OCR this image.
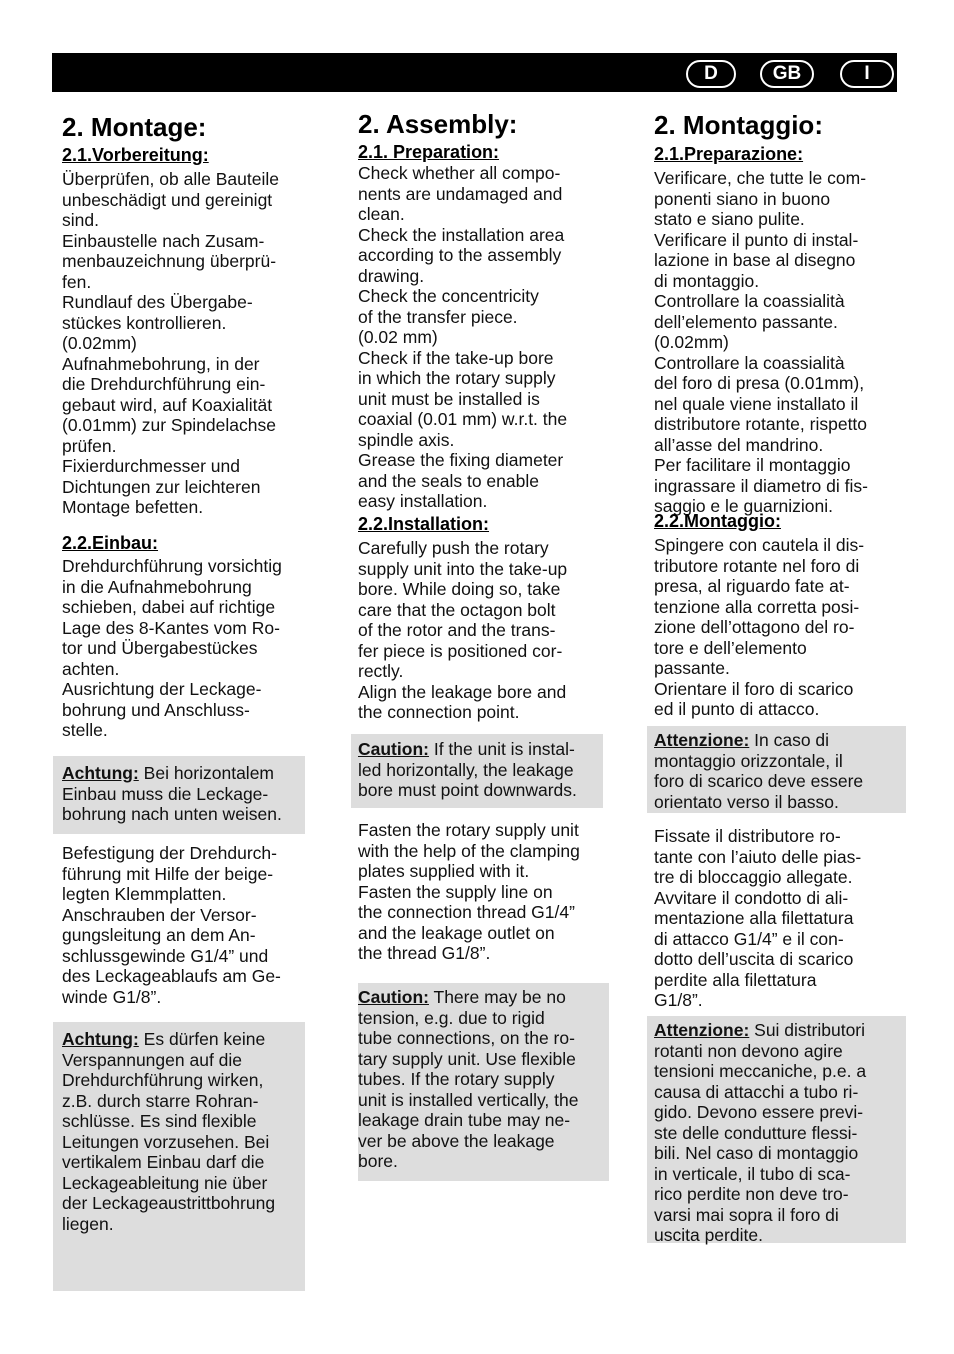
D	GB	I
2. Montage:
2.1.Vorbereitung:

Überprüfen, ob alle Bauteile
unbeschädigt und gereinigt
sind.
Einbaustelle nach Zusam-
menbauzeichnung überprü-
fen.
Rundlauf des Übergabe-
stückes kontrollieren.
(0.02mm)
Aufnahmebohrung, in der
die Drehdurchführung ein-
gebaut wird, auf Koaxialität
(0.01mm) zur Spindelachse
prüfen.
Fixierdurchmesser und
Dichtungen zur leichteren
Montage befetten.

2.2.Einbau:

Drehdurchführung vorsichtig
in die Aufnahmebohrung
schieben, dabei auf richtige
Lage des 8-Kantes vom Ro-
tor und Übergabestückes
achten.
Ausrichtung der Leckage-
bohrung und Anschluss-
stelle.

Achtung: Bei horizontalem
Einbau muss die Leckage-
bohrung nach unten weisen.

Befestigung der Drehdurch-
führung mit Hilfe der beige-
legten Klemmplatten.
Anschrauben der Versor-
gungsleitung an dem An-
schlussgewinde G1/4” und
des Leckageablaufs am Ge-
winde G1/8”.

Achtung: Es dürfen keine
Verspannungen auf die
Drehdurchführung wirken,
z.B. durch starre Rohran-
schlüsse. Es sind flexible
Leitungen vorzusehen. Bei
vertikalem Einbau darf die
Leckageableitung nie über
der Leckageaustrittbohrung
liegen.

2. Assembly:
2.1. Preparation:

Check whether all compo-
nents are undamaged and
clean.
Check the installation area
according to the assembly
drawing.
Check the concentricity
of the transfer piece.
(0.02 mm)
Check if the take-up bore
in which the rotary supply
unit must be installed is
coaxial (0.01 mm) w.r.t. the
spindle axis.
Grease the fixing diameter
and the seals to enable
easy installation.

2.2.Installation:

Carefully push the rotary
supply unit into the take-up
bore. While doing so, take
care that the octagon bolt
of the rotor and the trans-
fer piece is positioned cor-
rectly.
Align the leakage bore and
the connection point.

Caution: If the unit is instal-
led horizontally, the leakage
bore must point downwards.

Fasten the rotary supply unit
with the help of the clamping
plates supplied with it.
Fasten the supply line on
the connection thread G1/4”
and the leakage outlet on
the thread G1/8”.

Caution: There may be no
tension, e.g. due to rigid
tube connections, on the ro-
tary supply unit. Use flexible
tubes. If the rotary supply
unit is installed vertically, the
leakage drain tube may ne-
ver be above the leakage
bore.

2. Montaggio:
2.1.Preparazione:

Verificare, che tutte le com-
ponenti siano in buono
stato e siano pulite.
Verificare il punto di instal-
lazione in base al disegno
di montaggio.
Controllare la coassialità
dell’elemento passante.
(0.02mm)
Controllare la coassialità
del foro di presa (0.01mm),
nel quale viene installato il
distributore rotante, rispetto
all’asse del mandrino.
Per facilitare il montaggio
ingrassare il diametro di fis-
saggio e le guarnizioni.

2.2.Montaggio:

Spingere con cautela il dis-
tributore rotante nel foro di
presa, al riguardo fate at-
tenzione alla corretta posi-
zione dell’ottagono del ro-
tore e dell’elemento
passante.
Orientare il foro di scarico
ed il punto di attacco.

Attenzione: In caso di
montaggio orizzontale, il
foro di scarico deve essere
orientato verso il basso.

Fissate il distributore ro-
tante con l’aiuto delle pias-
tre di bloccaggio allegate.
Avvitare il condotto di ali-
mentazione alla filettatura
di attacco G1/4” e il con-
dotto dell’uscita di scarico
perdite alla filettatura
G1/8”.

Attenzione: Sui distributori
rotanti non devono agire
tensioni meccaniche, p.e. a
causa di attacchi a tubo ri-
gido. Devono essere previ-
ste delle condutture flessi-
bili. Nel caso di montaggio
in verticale, il tubo di sca-
rico perdite non deve tro-
varsi mai sopra il foro di
uscita perdite.
